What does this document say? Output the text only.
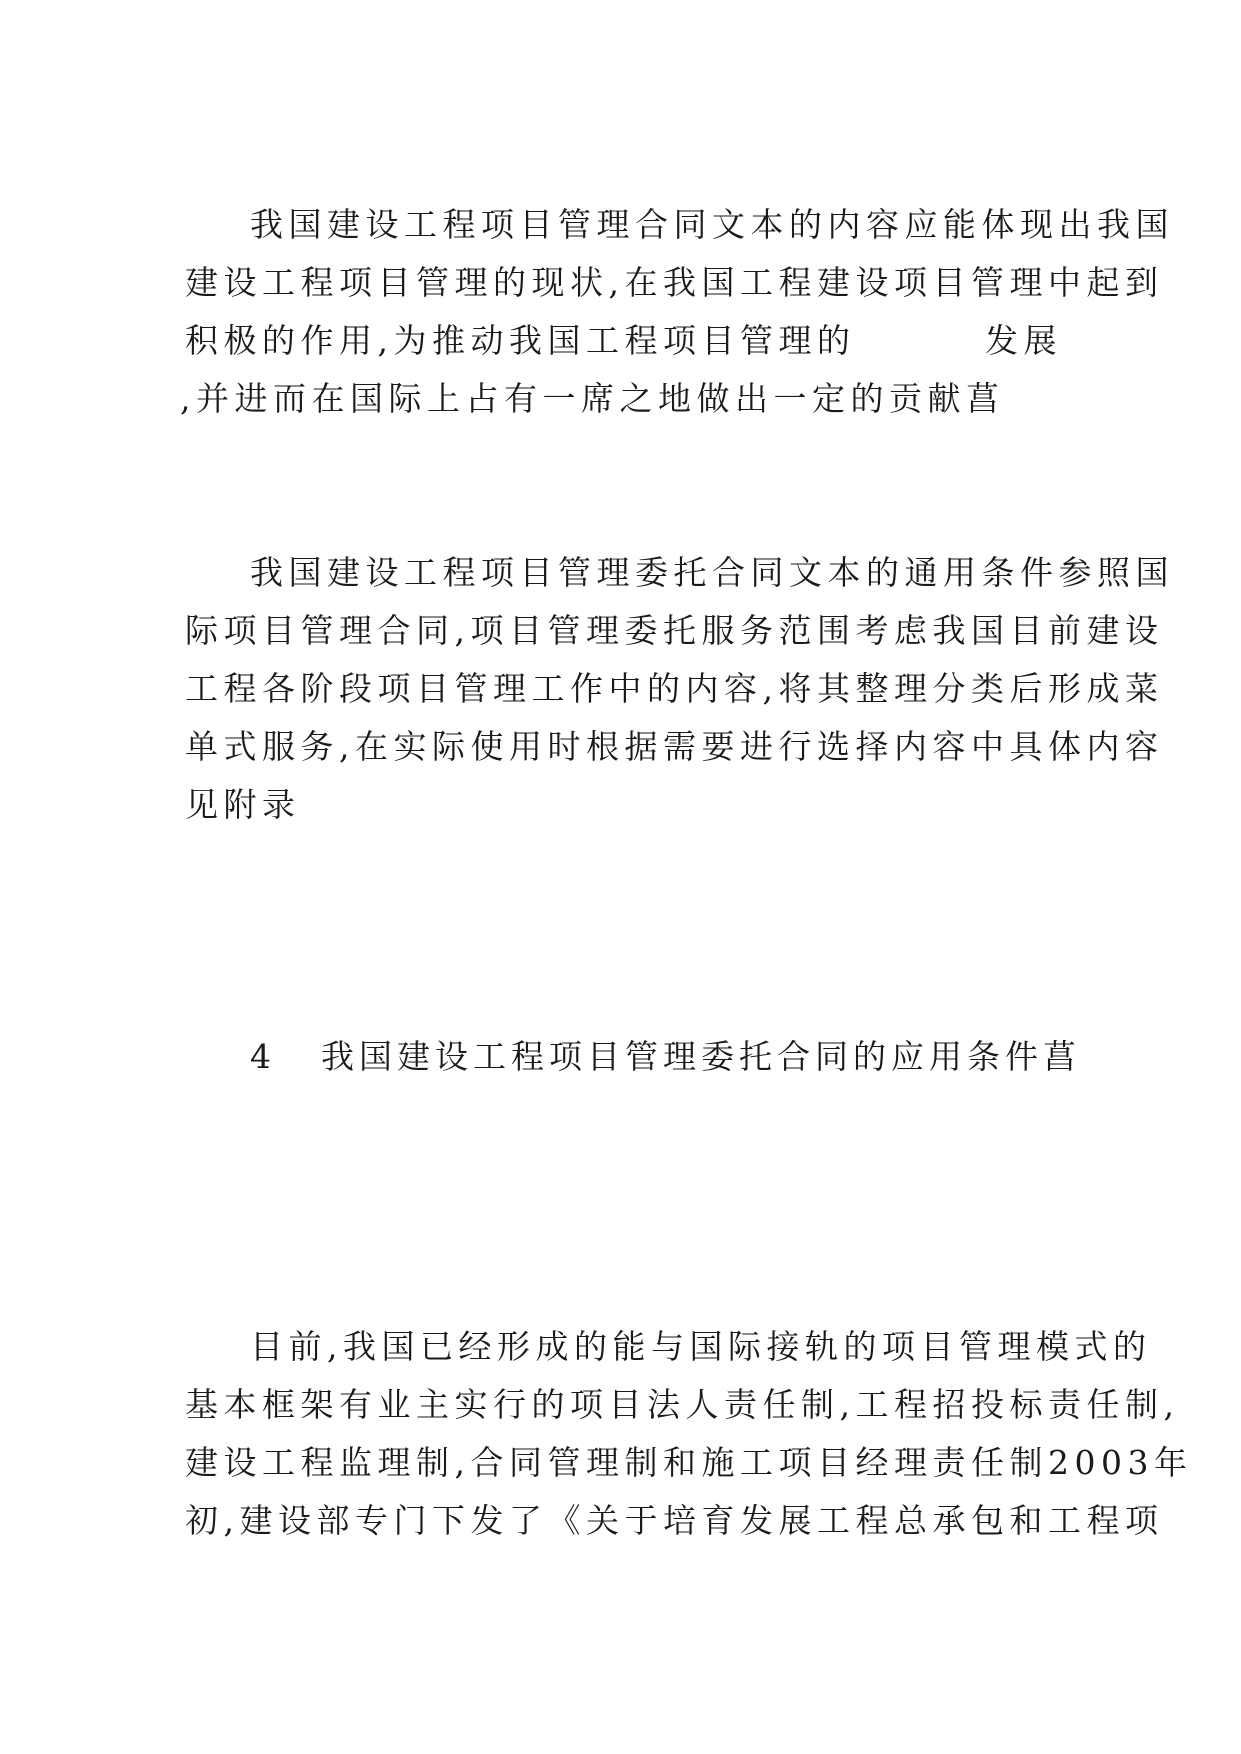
我国建设工程项目管理合同文本的内容应能体现出我国
建设工程项目管理的现状,在我国工程建设项目管理中起到
积极的作用,为推动我国工程项目管理的	发展
,并进而在国际上占有一席之地做出一定的贡献菖
我国建设工程项目管理委托合同文本的通用条件参照国
际项目管理合同,项目管理委托服务范围考虑我国目前建设
工程各阶段项目管理工作中的内容,将其整理分类后形成菜
单式服务,在实际使用时根据需要进行选择内容中具体内容
见附录
4 我国建设工程项目管理委托合同的应用条件菖
目前,我国已经形成的能与国际接轨的项目管理模式的
基本框架有业主实行的项目法人责任制,工程招投标责任制,
建设工程监理制,合同管理制和施工项目经理责任制2003年
初,建设部专门下发了《关于培育发展工程总承包和工程项
